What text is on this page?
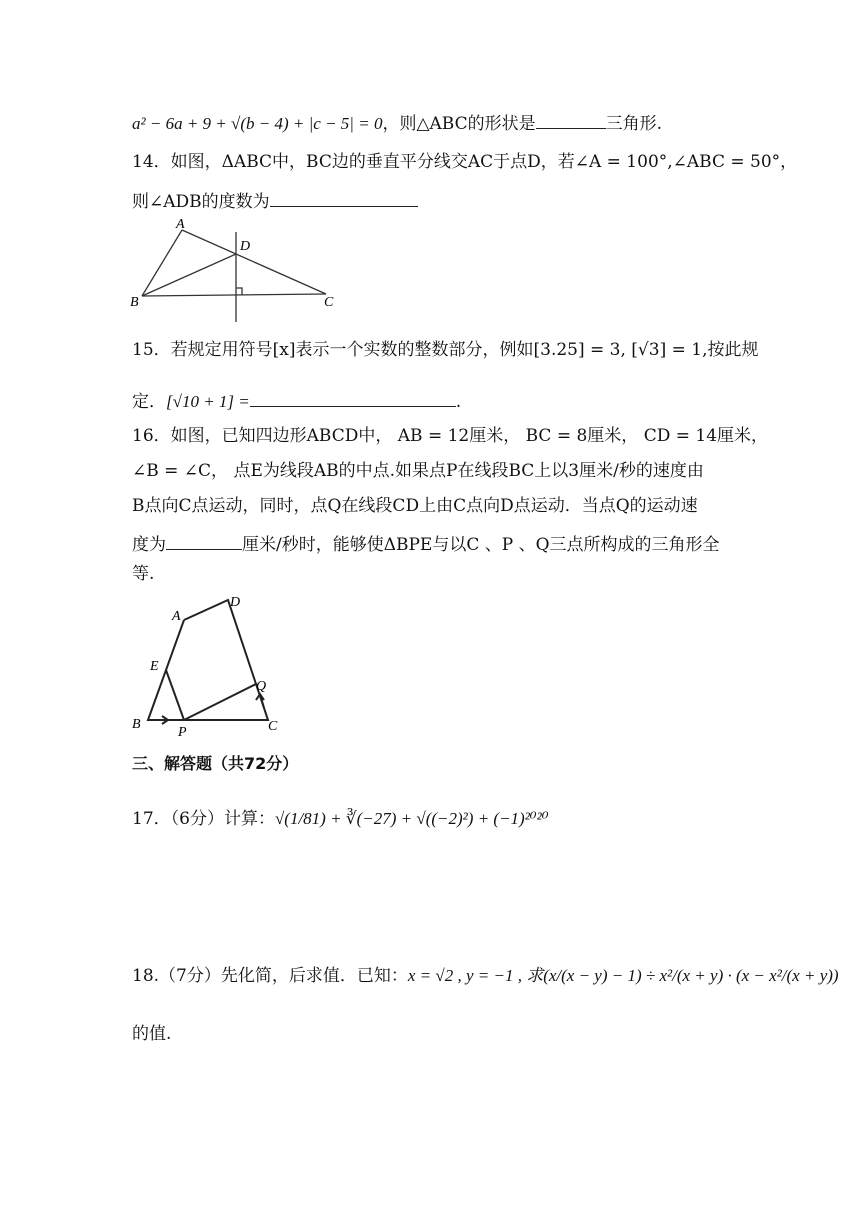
a² − 6a + 9 + √(b − 4) + |c − 5| = 0，则△ABC的形状是	三角形.
14．如图，ΔABC中，BC边的垂直平分线交AC于点D，若∠A = 100°,∠ABC = 50°，
则∠ADB的度数为
A
B	C
D
15．若规定用符号[x]表示一个实数的整数部分，例如[3.25] = 3, [√3] = 1,按此规
定．[√10 + 1] =	.
16．如图，已知四边形ABCD中， AB = 12厘米， BC = 8厘米， CD = 14厘米，
∠B = ∠C， 点E为线段AB的中点.如果点P在线段BC上以3厘米/秒的速度由
B点向C点运动，同时，点Q在线段CD上由C点向D点运动．当点Q的运动速
度为	厘米/秒时，能够使ΔBPE与以C 、P 、Q三点所构成的三角形全
等.
A
D
E
B
P	C
Q
三、解答题（共72分）
17．（6分）计算：√(1/81) + ∛(−27) + √((−2)²) + (−1)²⁰²⁰
18.（7分）先化简，后求值．已知：x = √2 , y = −1 , 求(x/(x − y) − 1) ÷ x²/(x + y) · (x − x²/(x + y))
的值.
